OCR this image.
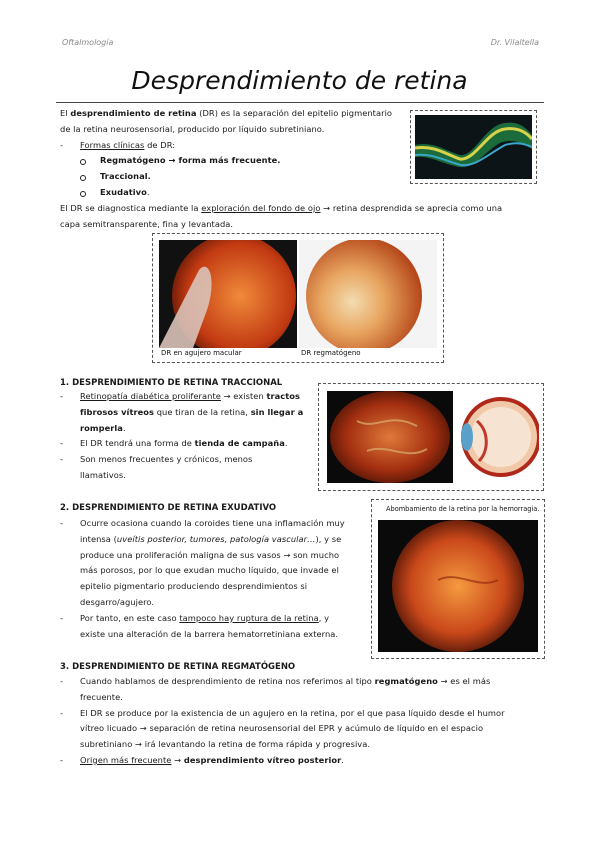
Oftalmología	Dr. Vilaltella
Desprendimiento de retina
El desprendimiento de retina (DR) es la separación del epitelio pigmentario
de la retina neurosensorial, producido por líquido subretiniano.
- Formas clínicas de DR:
Regmatógeno → forma más frecuente.
Traccional.
Exudativo.
El DR se diagnostica mediante la exploración del fondo de ojo → retina desprendida se aprecia como una
capa semitransparente, fina y levantada.
DR en agujero macular	DR regmatógeno
1. DESPRENDIMIENTO DE RETINA TRACCIONAL
- Retinopatía diabética proliferante → existen tractos
fibrosos vítreos que tiran de la retina, sin llegar a
romperla.
- El DR tendrá una forma de tienda de campaña.
- Son menos frecuentes y crónicos, menos
llamativos.
2. DESPRENDIMIENTO DE RETINA EXUDATIVO
- Ocurre ocasiona cuando la coroides tiene una inflamación muy
intensa (uveítis posterior, tumores, patología vascular…), y se
produce una proliferación maligna de sus vasos → son mucho
más porosos, por lo que exudan mucho líquido, que invade el
epitelio pigmentario produciendo desprendimientos si
desgarro/agujero.
- Por tanto, en este caso tampoco hay ruptura de la retina, y
existe una alteración de la barrera hematorretiniana externa.
Abombamiento de la retina por la hemorragia.
3. DESPRENDIMIENTO DE RETINA REGMATÓGENO
- Cuando hablamos de desprendimiento de retina nos referimos al tipo regmatógeno → es el más
frecuente.
- El DR se produce por la existencia de un agujero en la retina, por el que pasa líquido desde el humor
vítreo licuado → separación de retina neurosensorial del EPR y acúmulo de líquido en el espacio
subretiniano → irá levantando la retina de forma rápida y progresiva.
- Origen más frecuente → desprendimiento vítreo posterior.
